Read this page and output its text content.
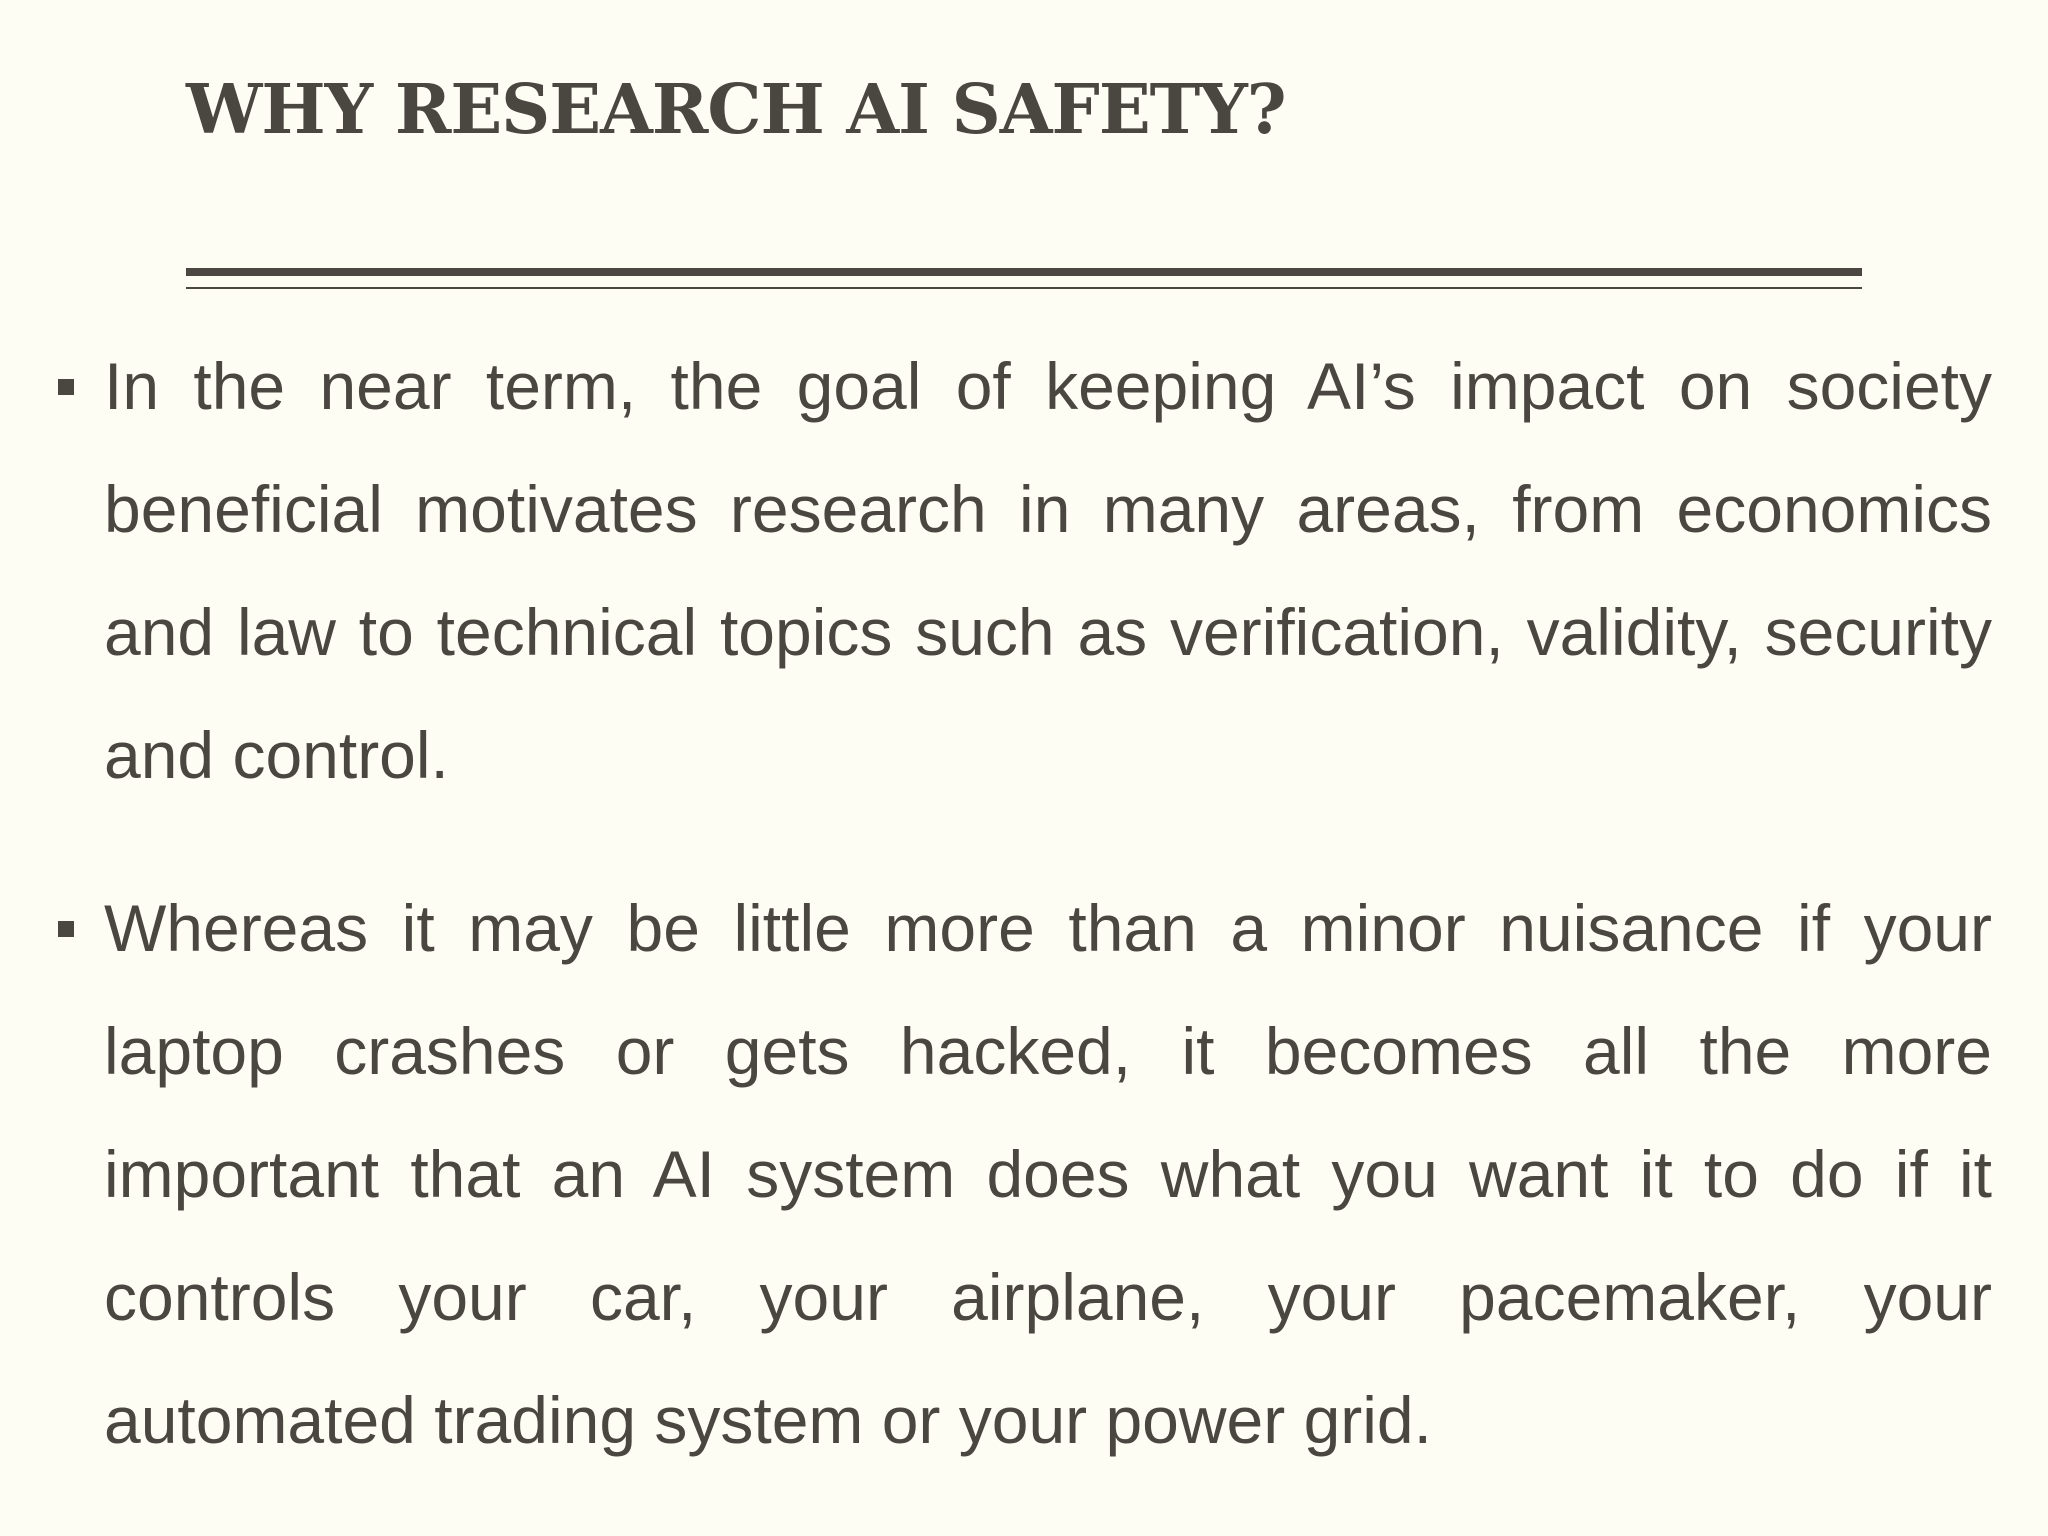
WHY RESEARCH AI SAFETY?

In the near term, the goal of keeping AI’s impact on society beneficial motivates research in many areas, from economics and law to technical topics such as verification, validity, security and control.

Whereas it may be little more than a minor nuisance if your laptop crashes or gets hacked, it becomes all the more important that an AI system does what you want it to do if it controls your car, your airplane, your pacemaker, your automated trading system or your power grid.
